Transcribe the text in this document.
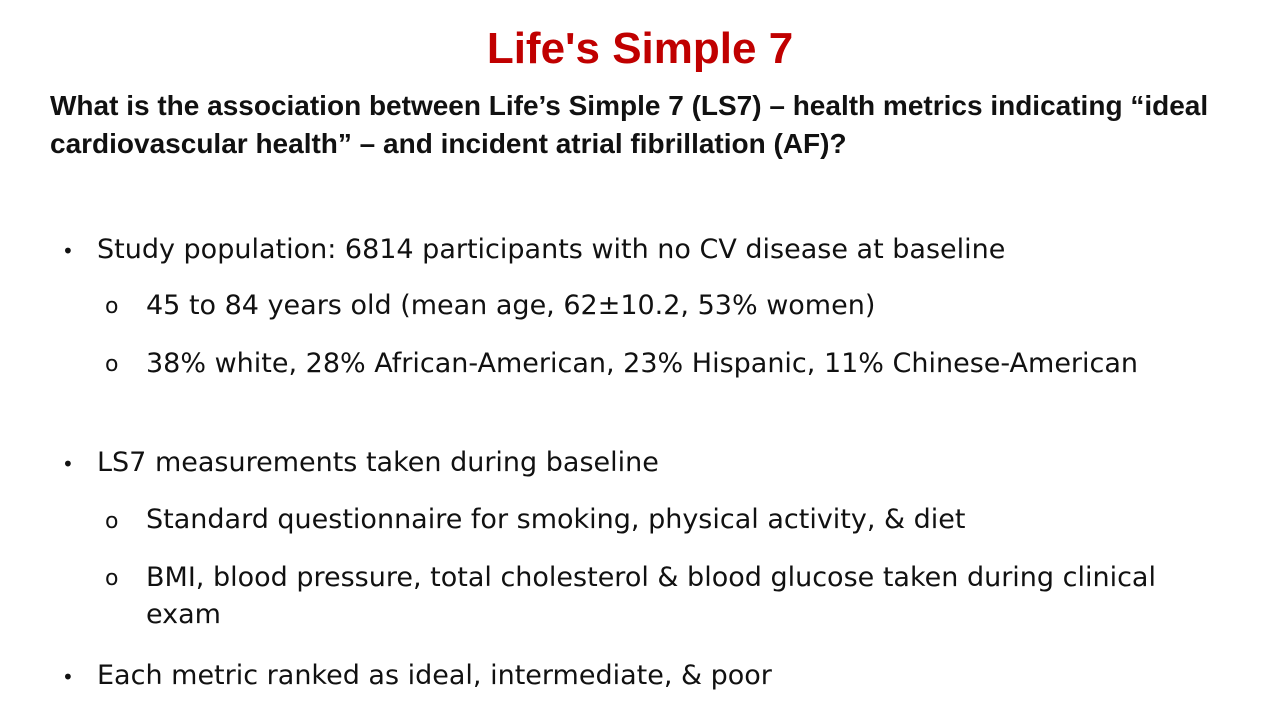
Life's Simple 7
What is the association between Life’s Simple 7 (LS7) – health metrics indicating “ideal cardiovascular health” – and incident atrial fibrillation (AF)?
• Study population: 6814 participants with no CV disease at baseline
o 45 to 84 years old (mean age, 62±10.2, 53% women)
o 38% white, 28% African-American, 23% Hispanic, 11% Chinese-American
• LS7 measurements taken during baseline
o Standard questionnaire for smoking, physical activity, & diet
o BMI, blood pressure, total cholesterol & blood glucose taken during clinical exam
• Each metric ranked as ideal, intermediate, & poor
